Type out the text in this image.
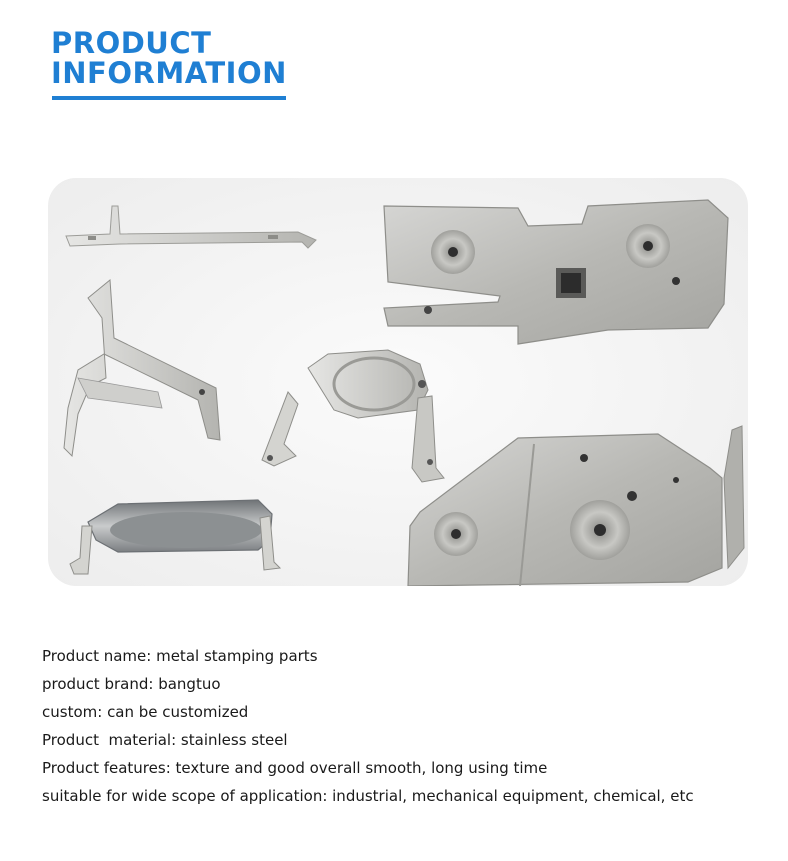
PRODUCT
INFORMATION
Product name: metal stamping parts
product brand: bangtuo
custom: can be customized
Product  material: stainless steel
Product features: texture and good overall smooth, long using time
suitable for wide scope of application: industrial, mechanical equipment, chemical, etc
